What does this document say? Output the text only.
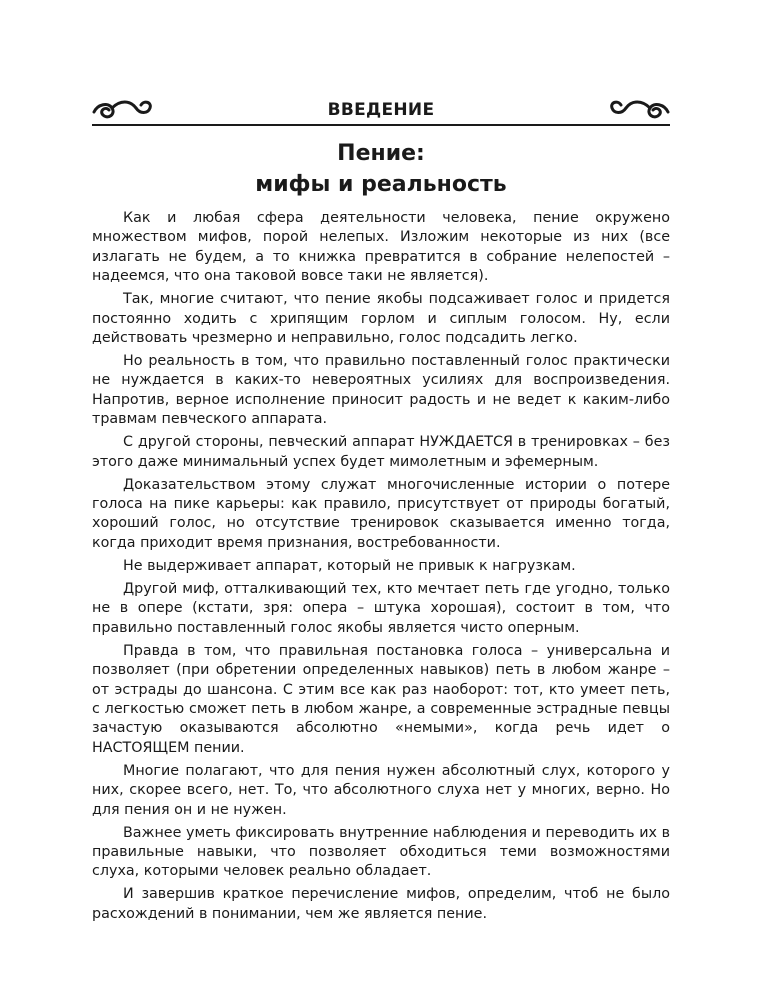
ВВЕДЕНИЕ
Пение:
мифы и реальность

Как и любая сфера деятельности человека, пение окружено множеством мифов, порой нелепых. Изложим некоторые из них (все излагать не будем, а то книжка превратится в собрание нелепостей – надеемся, что она таковой вовсе таки не является).

Так, многие считают, что пение якобы подсаживает голос и придется постоянно ходить с хрипящим горлом и сиплым голосом. Ну, если действовать чрезмерно и неправильно, голос подсадить легко.

Но реальность в том, что правильно поставленный голос практически не нуждается в каких-то невероятных усилиях для воспроизведения. Напротив, верное исполнение приносит радость и не ведет к каким-либо травмам певческого аппарата.

С другой стороны, певческий аппарат НУЖДАЕТСЯ в тренировках – без этого даже минимальный успех будет мимолетным и эфемерным.

Доказательством этому служат многочисленные истории о потере голоса на пике карьеры: как правило, присутствует от природы богатый, хороший голос, но отсутствие тренировок сказывается именно тогда, когда приходит время признания, востребованности.

Не выдерживает аппарат, который не привык к нагрузкам.

Другой миф, отталкивающий тех, кто мечтает петь где угодно, только не в опере (кстати, зря: опера – штука хорошая), состоит в том, что правильно поставленный голос якобы является чисто оперным.

Правда в том, что правильная постановка голоса – универсальна и позволяет (при обретении определенных навыков) петь в любом жанре – от эстрады до шансона. С этим все как раз наоборот: тот, кто умеет петь, с легкостью сможет петь в любом жанре, а современные эстрадные певцы зачастую оказываются абсолютно «немыми», когда речь идет о НАСТОЯЩЕМ пении.

Многие полагают, что для пения нужен абсолютный слух, которого у них, скорее всего, нет. То, что абсолютного слуха нет у многих, верно. Но для пения он и не нужен.

Важнее уметь фиксировать внутренние наблюдения и переводить их в правильные навыки, что позволяет обходиться теми возможностями слуха, которыми человек реально обладает.

И завершив краткое перечисление мифов, определим, чтоб не было расхождений в понимании, чем же является пение.
